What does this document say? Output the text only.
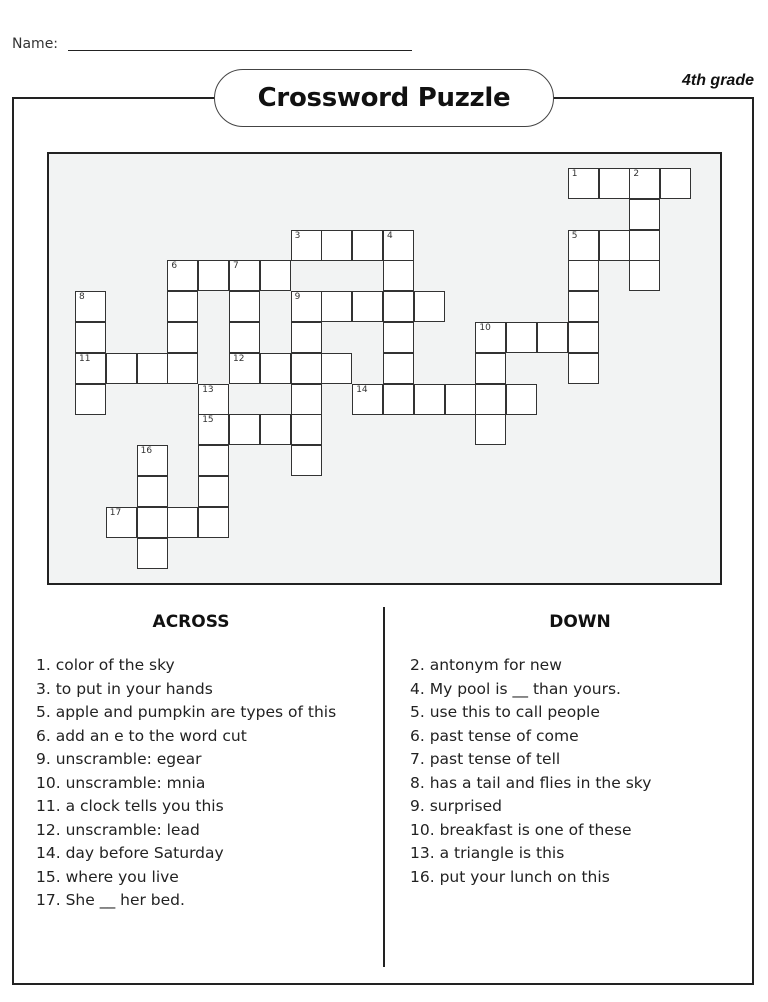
Name:
4th grade
Crossword Puzzle
1	2
3	4	5
6	7
8	9
10
11	12
13	14
15
16
17
ACROSS
1. color of the sky
3. to put in your hands
5. apple and pumpkin are types of this
6. add an e to the word cut
9. unscramble: egear
10. unscramble: mnia
11. a clock tells you this
12. unscramble: lead
14. day before Saturday
15. where you live
17. She __ her bed.
DOWN
2. antonym for new
4. My pool is __ than yours.
5. use this to call people
6. past tense of come
7. past tense of tell
8. has a tail and flies in the sky
9. surprised
10. breakfast is one of these
13. a triangle is this
16. put your lunch on this
